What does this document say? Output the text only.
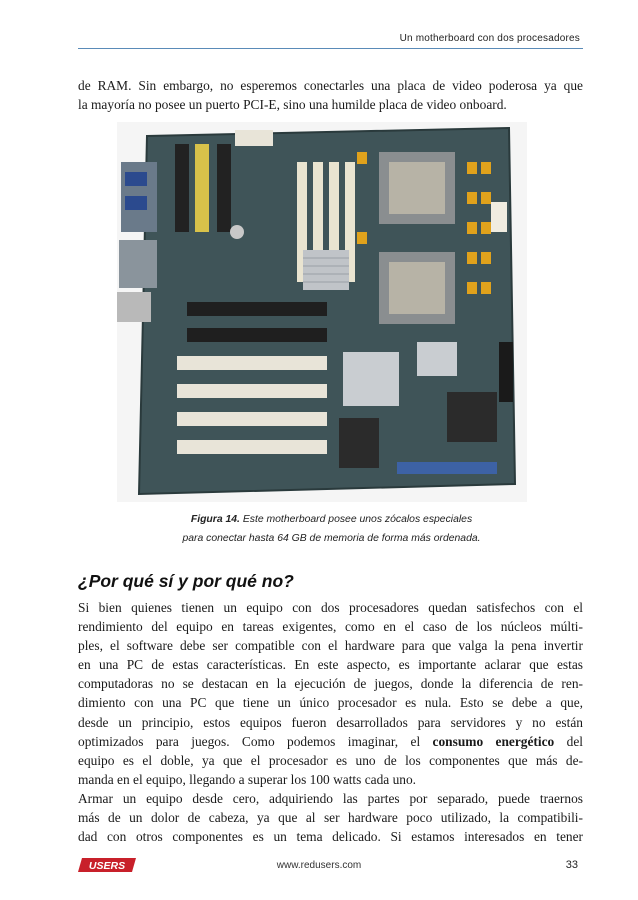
Un motherboard con dos procesadores

de RAM. Sin embargo, no esperemos conectarles una placa de video poderosa ya que
la mayoría no posee un puerto PCI-E, sino una humilde placa de video onboard.

Figura 14. Este motherboard posee unos zócalos especiales
para conectar hasta 64 GB de memoria de forma más ordenada.
¿Por qué sí y por qué no?

Si bien quienes tienen un equipo con dos procesadores quedan satisfechos con el
rendimiento del equipo en tareas exigentes, como en el caso de los núcleos múlti-
ples, el software debe ser compatible con el hardware para que valga la pena invertir
en una PC de estas características. En este aspecto, es importante aclarar que estas
computadoras no se destacan en la ejecución de juegos, donde la diferencia de ren-
dimiento con una PC que tiene un único procesador es nula. Esto se debe a que,
desde un principio, estos equipos fueron desarrollados para servidores y no están
optimizados para juegos. Como podemos imaginar, el consumo energético del
equipo es el doble, ya que el procesador es uno de los componentes que más de-
manda en el equipo, llegando a superar los 100 watts cada uno.
Armar un equipo desde cero, adquiriendo las partes por separado, puede traernos
más de un dolor de cabeza, ya que al ser hardware poco utilizado, la compatibili-
dad con otros componentes es un tema delicado. Si estamos interesados en tener

USERS	www.redusers.com	33
